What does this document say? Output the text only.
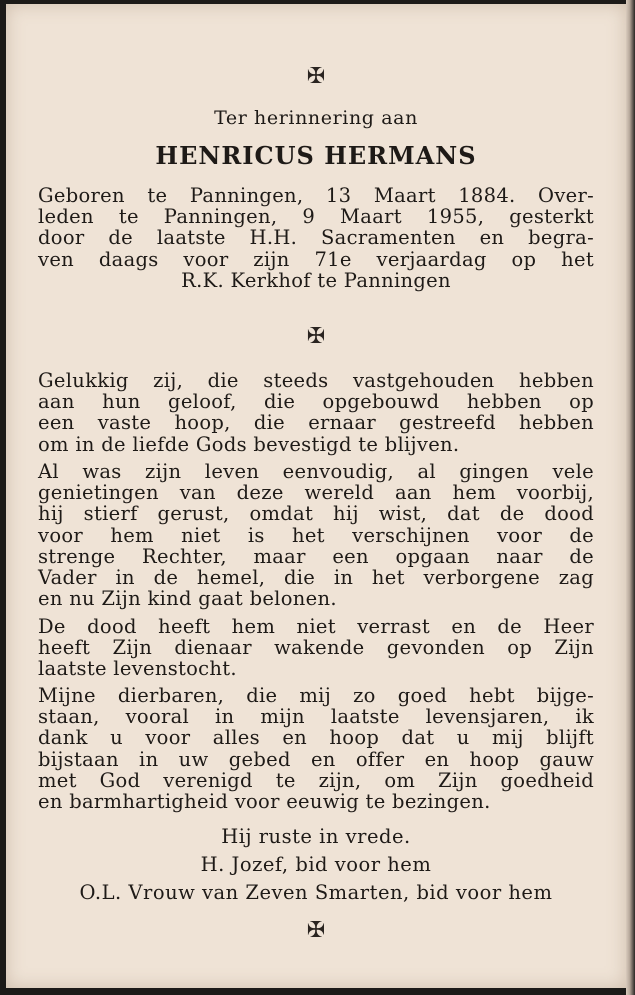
✠
Ter herinnering aan
HENRICUS HERMANS
Geboren te Panningen, 13 Maart 1884. Over-
leden te Panningen, 9 Maart 1955, gesterkt
door de laatste H.H. Sacramenten en begra-
ven daags voor zijn 71e verjaardag op het
R.K. Kerkhof te Panningen
✠
Gelukkig zij, die steeds vastgehouden hebben
aan hun geloof, die opgebouwd hebben op
een vaste hoop, die ernaar gestreefd hebben
om in de liefde Gods bevestigd te blijven.
Al was zijn leven eenvoudig, al gingen vele
genietingen van deze wereld aan hem voorbij,
hij stierf gerust, omdat hij wist, dat de dood
voor hem niet is het verschijnen voor de
strenge Rechter, maar een opgaan naar de
Vader in de hemel, die in het verborgene zag
en nu Zijn kind gaat belonen.
De dood heeft hem niet verrast en de Heer
heeft Zijn dienaar wakende gevonden op Zijn
laatste levenstocht.
Mijne dierbaren, die mij zo goed hebt bijge-
staan, vooral in mijn laatste levensjaren, ik
dank u voor alles en hoop dat u mij blijft
bijstaan in uw gebed en offer en hoop gauw
met God verenigd te zijn, om Zijn goedheid
en barmhartigheid voor eeuwig te bezingen.
Hij ruste in vrede.
H. Jozef, bid voor hem
O.L. Vrouw van Zeven Smarten, bid voor hem
✠
